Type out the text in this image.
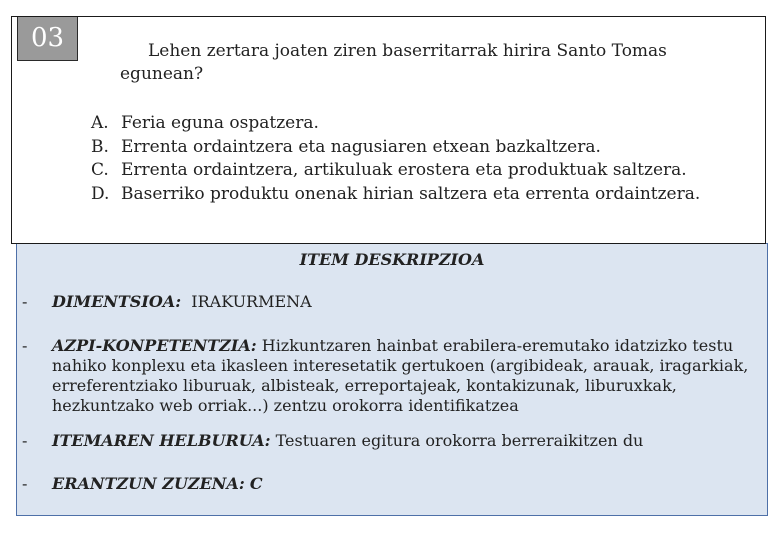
03	Lehen zertara joaten ziren baserritarrak hirira Santo Tomas egunean?
A. Feria eguna ospatzera.
B. Errenta ordaintzera eta nagusiaren etxean bazkaltzera.
C. Errenta ordaintzera, artikuluak erostera eta produktuak saltzera.
D. Baserriko produktu onenak hirian saltzera eta errenta ordaintzera.
ITEM DESKRIPZIOA
- DIMENTSIOA: IRAKURMENA
- AZPI-KONPETENTZIA: Hizkuntzaren hainbat erabilera-eremutako idatzizko testu nahiko konplexu eta ikasleen interesetatik gertukoen (argibideak, arauak, iragarkiak, erreferentziako liburuak, albisteak, erreportajeak, kontakizunak, liburuxkak, hezkuntzako web orriak...) zentzu orokorra identifikatzea
- ITEMAREN HELBURUA: Testuaren egitura orokorra berreraikitzen du
- ERANTZUN ZUZENA: C
